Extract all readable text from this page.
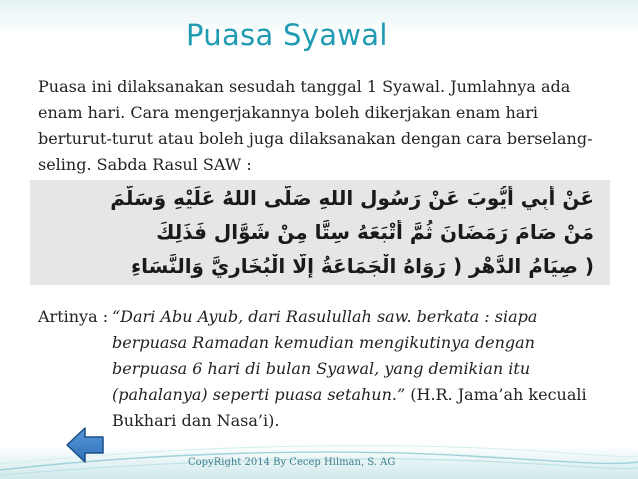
Puasa Syawal
Puasa ini dilaksanakan sesudah tanggal 1 Syawal. Jumlahnya ada enam hari. Cara mengerjakannya boleh dikerjakan enam hari berturut-turut atau boleh juga dilaksanakan dengan cara berselang-seling. Sabda Rasul SAW :
عَنْ أَبِي أَيُّوبَ عَنْ رَسُولِ اللهِ صَلَّى اللهُ عَلَيْهِ وَسَلَّمَ
مَنْ صَامَ رَمَضَانَ ثُمَّ أَتْبَعَهُ سِتًّا مِنْ شَوَّالٍ فَذَلِكَ
( صِيَامُ الدَّهْرِ ( رَوَاهُ الْجَمَاعَةُ إِلَّا الْبُخَارِيَّ وَالنَّسَاءِ
Artinya : “Dari Abu Ayub, dari Rasulullah saw. berkata : siapa berpuasa Ramadan kemudian mengikutinya dengan berpuasa 6 hari di bulan Syawal, yang demikian itu (pahalanya) seperti puasa setahun.” (H.R. Jama’ah kecuali Bukhari dan Nasa’i).
CopyRight 2014 By Cecep Hilman, S. AG
